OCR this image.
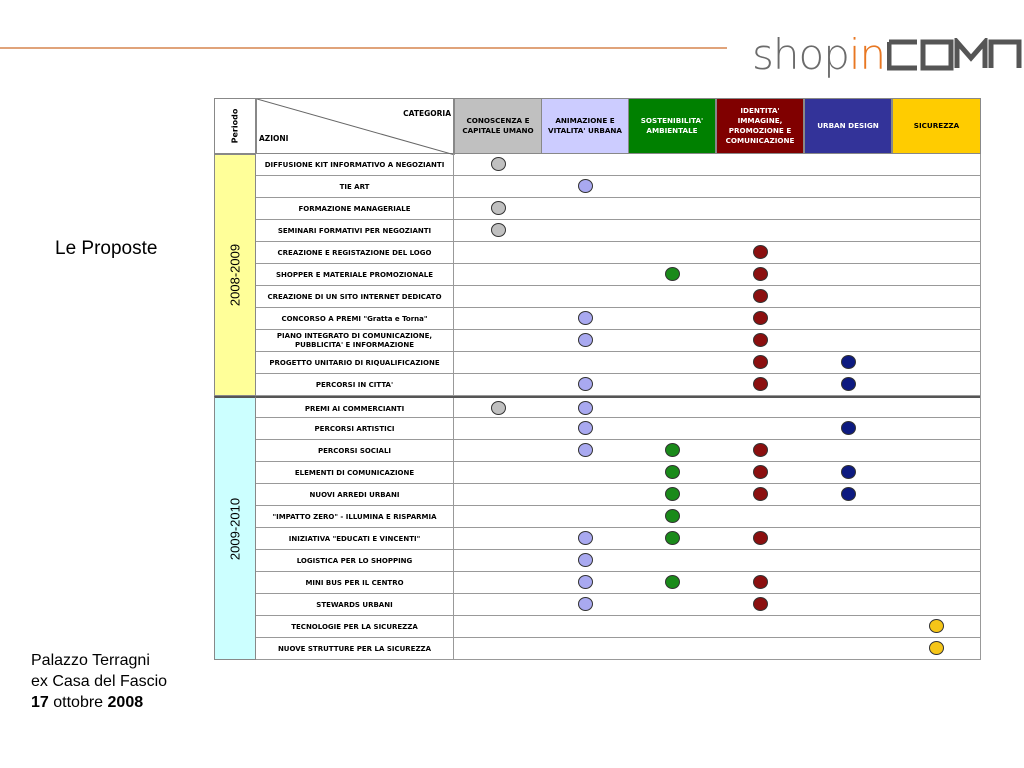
shopin
Le Proposte
Palazzo Terragni
ex Casa del Fascio
17 ottobre 2008
Periodo	CATEGORIA
AZIONI
CONOSCENZA E CAPITALE UMANO
ANIMAZIONE E VITALITA' URBANA
SOSTENIBILITA' AMBIENTALE
IDENTITA' IMMAGINE, PROMOZIONE E COMUNICAZIONE
URBAN DESIGN	SICUREZZA
2008-2009
2009-2010
DIFFUSIONE KIT INFORMATIVO A NEGOZIANTI
TIE ART
FORMAZIONE MANAGERIALE
SEMINARI FORMATIVI PER NEGOZIANTI
CREAZIONE E REGISTAZIONE DEL LOGO
SHOPPER E MATERIALE PROMOZIONALE
CREAZIONE DI UN SITO INTERNET DEDICATO
CONCORSO A PREMI "Gratta e Torna"
PIANO INTEGRATO DI COMUNICAZIONE, PUBBLICITA' E INFORMAZIONE
PROGETTO UNITARIO DI RIQUALIFICAZIONE
PERCORSI IN CITTA'
PREMI AI COMMERCIANTI
PERCORSI ARTISTICI
PERCORSI SOCIALI
ELEMENTI DI COMUNICAZIONE
NUOVI ARREDI URBANI
"IMPATTO ZERO" - ILLUMINA E RISPARMIA
INIZIATIVA "EDUCATI E VINCENTI"
LOGISTICA PER LO SHOPPING
MINI BUS PER IL CENTRO
STEWARDS URBANI
TECNOLOGIE PER LA SICUREZZA
NUOVE STRUTTURE PER LA SICUREZZA
